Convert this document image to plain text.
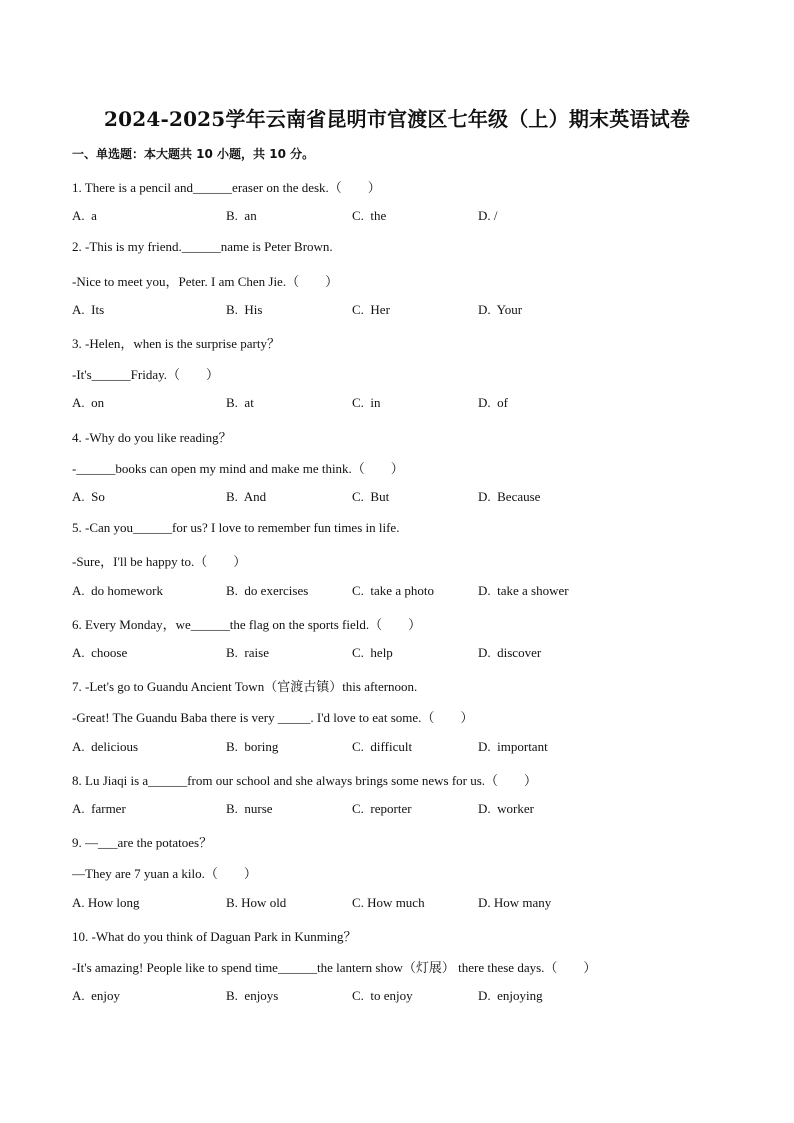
2024-2025学年云南省昆明市官渡区七年级（上）期末英语试卷
一、单选题：本大题共 10 小题，共 10 分。
1. There is a pencil and______eraser on the desk.（        ）
A.  a	B.  an	C.  the	D. /
2. -This is my friend.______name is Peter Brown.
-Nice to meet you，Peter. I am Chen Jie.（        ）
A.  Its	B.  His	C.  Her	D.  Your
3. -Helen，when is the surprise party？
-It's______Friday.（        ）
A.  on	B.  at	C.  in	D.  of
4. -Why do you like reading？
-______books can open my mind and make me think.（        ）
A.  So	B.  And	C.  But	D.  Because
5. -Can you______for us? I love to remember fun times in life.
-Sure，I'll be happy to.（        ）
A.  do homework	B.  do exercises	C.  take a photo	D.  take a shower
6. Every Monday，we______the flag on the sports field.（        ）
A.  choose	B.  raise	C.  help	D.  discover
7. -Let's go to Guandu Ancient Town（官渡古镇）this afternoon.
-Great! The Guandu Baba there is very _____. I'd love to eat some.（        ）
A.  delicious	B.  boring	C.  difficult	D.  important
8. Lu Jiaqi is a______from our school and she always brings some news for us.（        ）
A.  farmer	B.  nurse	C.  reporter	D.  worker
9. —___are the potatoes？
—They are 7 yuan a kilo.（        ）
A. How long	B. How old	C. How much	D. How many
10. -What do you think of Daguan Park in Kunming？
-It's amazing! People like to spend time______the lantern show（灯展） there these days.（        ）
A.  enjoy	B.  enjoys	C.  to enjoy	D.  enjoying
